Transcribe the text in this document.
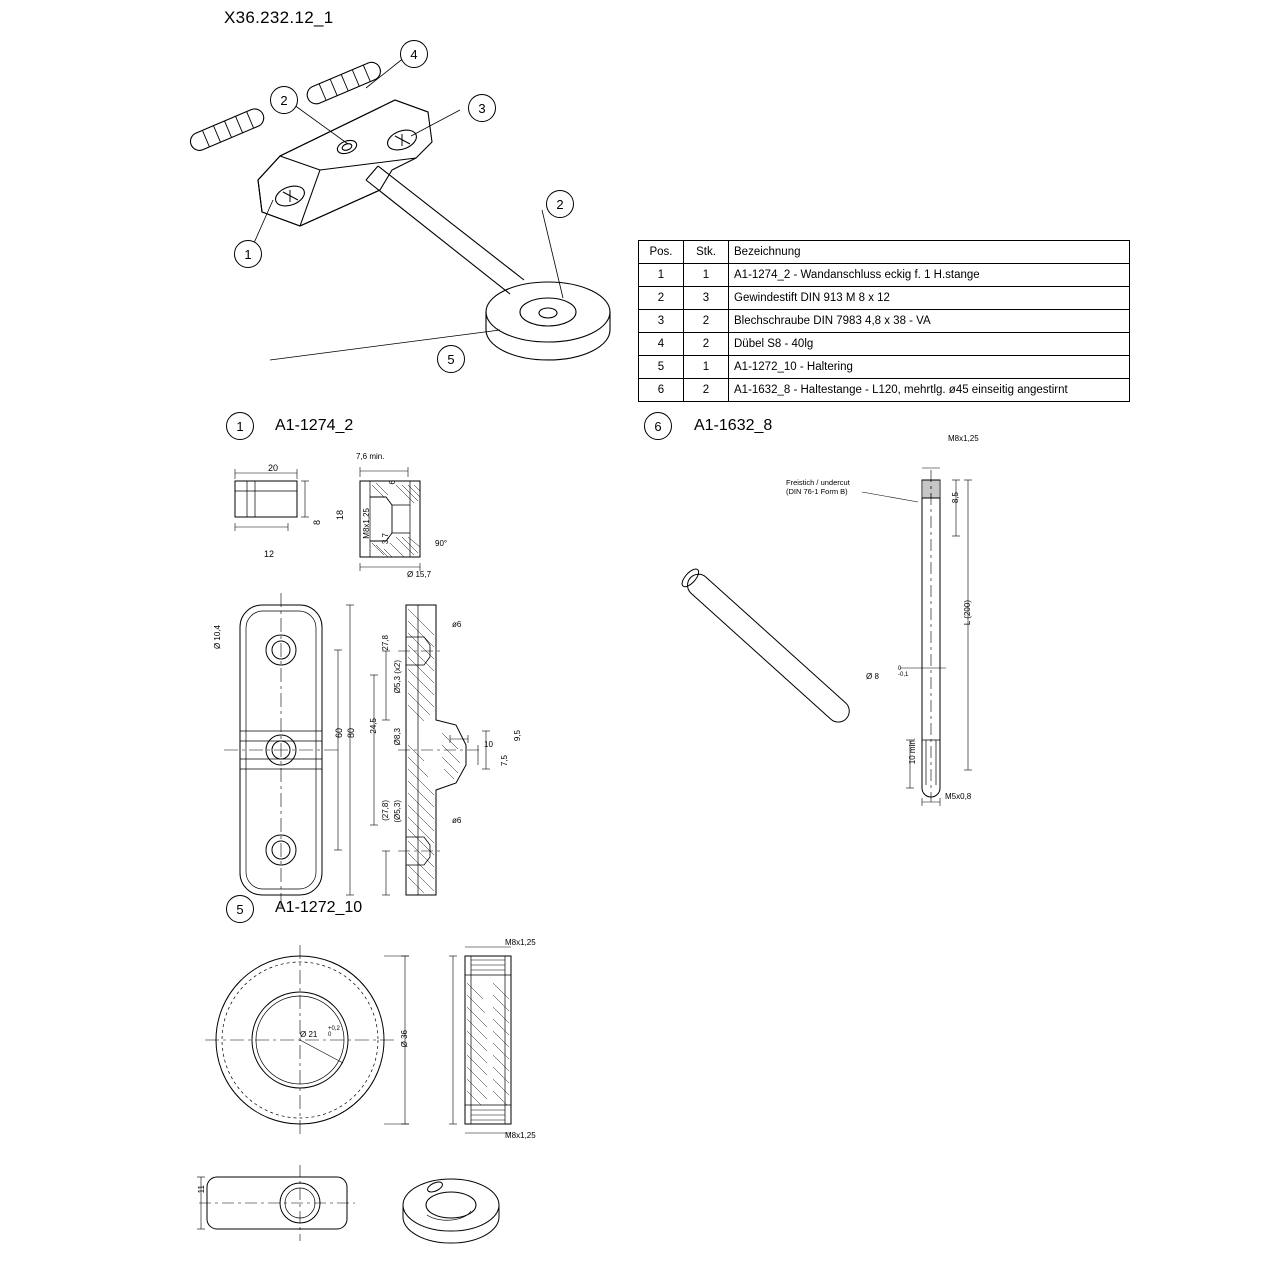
X36.232.12_1
4
2
3
1
2
5
Pos.	Stk.	Bezeichnung
1	1	A1-1274_2 - Wandanschluss eckig f. 1 H.stange
2	3	Gewindestift DIN 913 M 8 x 12
3	2	Blechschraube DIN 7983 4,8 x 38 - VA
4	2	Dübel S8 - 40lg
5	1	A1-1272_10 - Haltering
6	2	A1-1632_8 - Haltestange - L120, mehrtlg. ø45 einseitig angestirnt
1 A1-1274_2
20
12
8
18
7,6 min.
6
M8x1,25 3,7	90°
Ø 15,7
Ø 10,4
60 80
27,8
Ø5,3 (x2)
24,5
Ø8,3	10
9,5
7,5
(27,8) (Ø5,3)
ø6
ø6
6 A1-1632_8
M8x1,25
8,5
L (200)
Ø 8
0
-0,1
10 min.
M5x0,8
Freistich / undercut
(DIN 76-1 Form B)
5 A1-1272_10
Ø 21
+0,2
0	Ø 36
M8x1,25
M8x1,25
11
